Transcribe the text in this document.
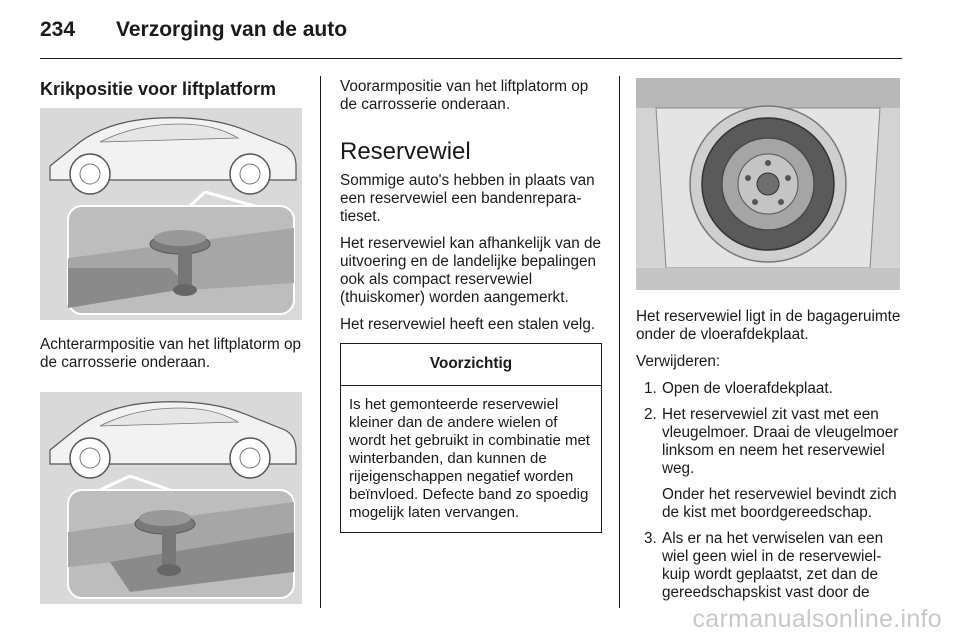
234 Verzorging van de auto
Krikpositie voor liftplatform
Achterarmpositie van het liftplatorm op de carrosserie onderaan.
Voorarmpositie van het liftplatorm op de carrosserie onderaan.
Reservewiel
Sommige auto's hebben in plaats van een reservewiel een bandenreparatieset.
Het reservewiel kan afhankelijk van de uitvoering en de landelijke bepalingen ook als compact reservewiel (thuiskomer) worden aangemerkt.
Het reservewiel heeft een stalen velg.
Voorzichtig
Is het gemonteerde reservewiel kleiner dan de andere wielen of wordt het gebruikt in combinatie met winterbanden, dan kunnen de rijeigenschappen negatief worden beïnvloed. Defecte band zo spoedig mogelijk laten vervangen.
Het reservewiel ligt in de bagageruimte onder de vloerafdekplaat.
Verwijderen:
1. Open de vloerafdekplaat.
2. Het reservewiel zit vast met een vleugelmoer. Draai de vleugelmoer linksom en neem het reservewiel weg.
Onder het reservewiel bevindt zich de kist met boordgereedschap.
3. Als er na het verwiselen van een wiel geen wiel in de reservewielkuip wordt geplaatst, zet dan de gereedschapskist vast door de
carmanualsonline.info
